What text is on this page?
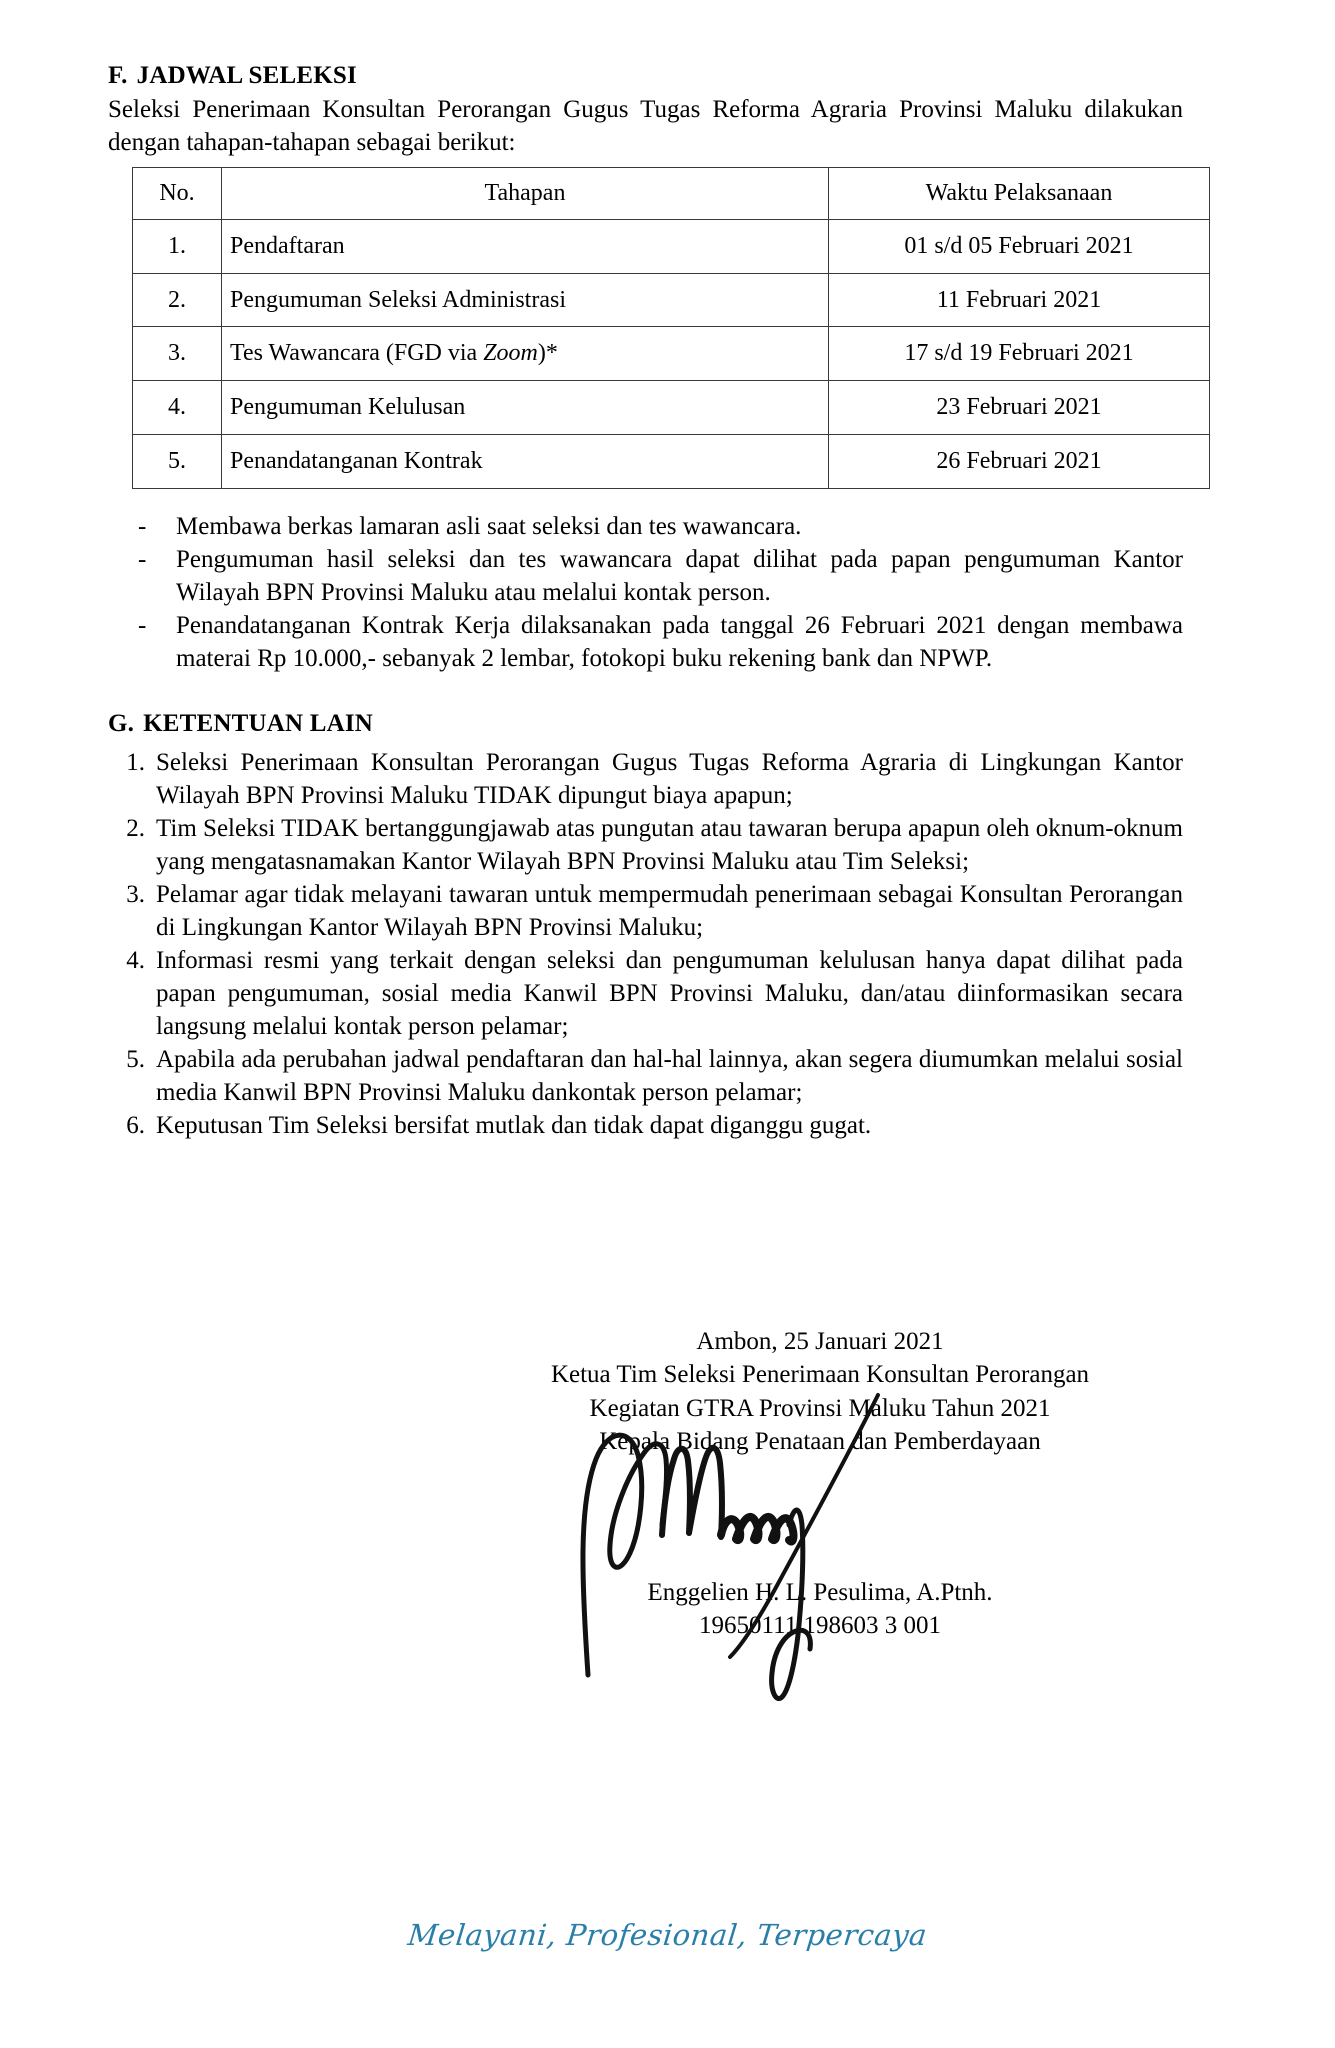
F. JADWAL SELEKSI

Seleksi Penerimaan Konsultan Perorangan Gugus Tugas Reforma Agraria Provinsi Maluku dilakukan dengan tahapan-tahapan sebagai berikut:

No.	Tahapan	Waktu Pelaksanaan
1.	Pendaftaran	01 s/d 05 Februari 2021
2.	Pengumuman Seleksi Administrasi	11 Februari 2021
3.	Tes Wawancara (FGD via Zoom)*	17 s/d 19 Februari 2021
4.	Pengumuman Kelulusan	23 Februari 2021
5.	Penandatanganan Kontrak	26 Februari 2021
- Membawa berkas lamaran asli saat seleksi dan tes wawancara.
- Pengumuman hasil seleksi dan tes wawancara dapat dilihat pada papan pengumuman Kantor Wilayah BPN Provinsi Maluku atau melalui kontak person.
- Penandatanganan Kontrak Kerja dilaksanakan pada tanggal 26 Februari 2021 dengan membawa materai Rp 10.000,- sebanyak 2 lembar, fotokopi buku rekening bank dan NPWP.
G. KETENTUAN LAIN
1. Seleksi Penerimaan Konsultan Perorangan Gugus Tugas Reforma Agraria di Lingkungan Kantor Wilayah BPN Provinsi Maluku TIDAK dipungut biaya apapun;
2. Tim Seleksi TIDAK bertanggungjawab atas pungutan atau tawaran berupa apapun oleh oknum-oknum yang mengatasnamakan Kantor Wilayah BPN Provinsi Maluku atau Tim Seleksi;
3. Pelamar agar tidak melayani tawaran untuk mempermudah penerimaan sebagai Konsultan Perorangan di Lingkungan Kantor Wilayah BPN Provinsi Maluku;
4. Informasi resmi yang terkait dengan seleksi dan pengumuman kelulusan hanya dapat dilihat pada papan pengumuman, sosial media Kanwil BPN Provinsi Maluku, dan/atau diinformasikan secara langsung melalui kontak person pelamar;
5. Apabila ada perubahan jadwal pendaftaran dan hal-hal lainnya, akan segera diumumkan melalui sosial media Kanwil BPN Provinsi Maluku dankontak person pelamar;
6. Keputusan Tim Seleksi bersifat mutlak dan tidak dapat diganggu gugat.
Ambon, 25 Januari 2021
Ketua Tim Seleksi Penerimaan Konsultan Perorangan
Kegiatan GTRA Provinsi Maluku Tahun 2021
Kepala Bidang Penataan dan Pemberdayaan
Enggelien H. L. Pesulima, A.Ptnh.
19650111 198603 3 001
Melayani, Profesional, Terpercaya
